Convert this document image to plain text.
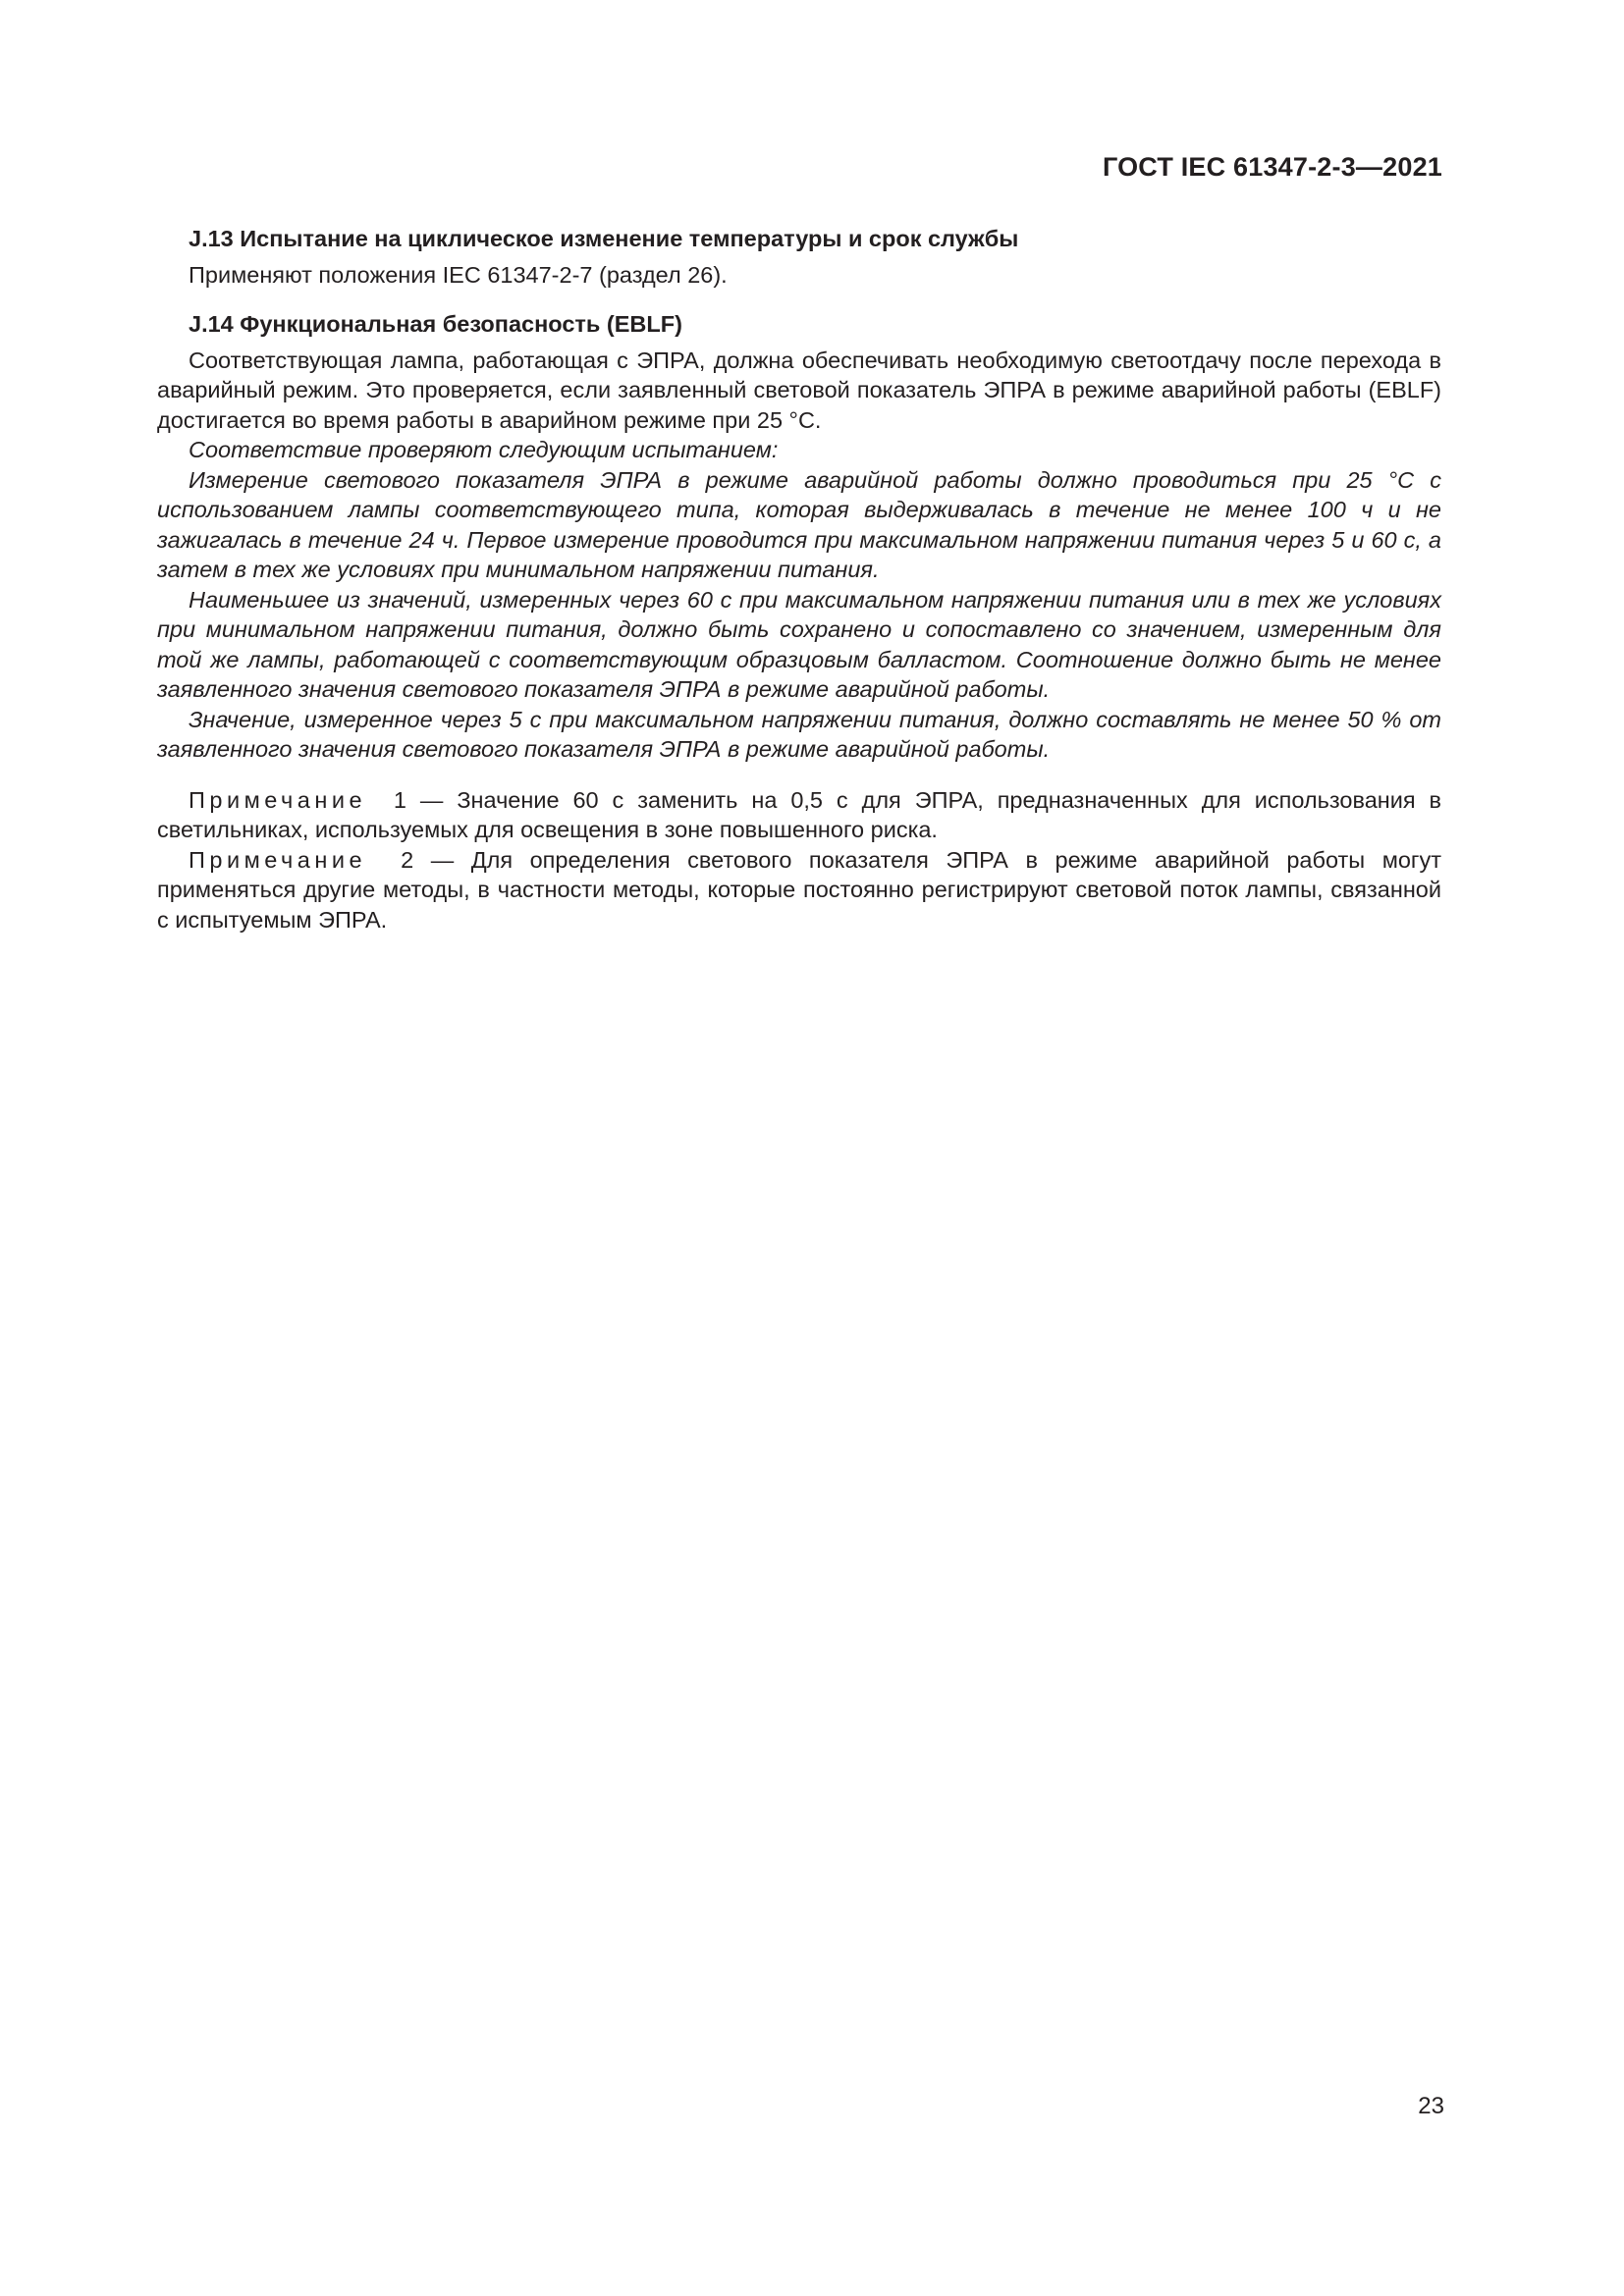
ГОСТ IEC 61347-2-3—2021

J.13 Испытание на циклическое изменение температуры и срок службы

Применяют положения IEC 61347-2-7 (раздел 26).

J.14 Функциональная безопасность (EBLF)

Соответствующая лампа, работающая с ЭПРА, должна обеспечивать необходимую светоотдачу после перехода в аварийный режим. Это проверяется, если заявленный световой показатель ЭПРА в режиме аварийной работы (EBLF) достигается во время работы в аварийном режиме при 25 °С.

Соответствие проверяют следующим испытанием:

Измерение светового показателя ЭПРА в режиме аварийной работы должно проводиться при 25 °С с использованием лампы соответствующего типа, которая выдерживалась в течение не менее 100 ч и не зажигалась в течение 24 ч. Первое измерение проводится при максимальном напряжении питания через 5 и 60 с, а затем в тех же условиях при минимальном напряжении питания.

Наименьшее из значений, измеренных через 60 с при максимальном напряжении питания или в тех же условиях при минимальном напряжении питания, должно быть сохранено и сопоставлено со значением, измеренным для той же лампы, работающей с соответствующим образцовым балластом. Соотношение должно быть не менее заявленного значения светового показателя ЭПРА в режиме аварийной работы.

Значение, измеренное через 5 с при максимальном напряжении питания, должно составлять не менее 50 % от заявленного значения светового показателя ЭПРА в режиме аварийной работы.

Примечание 1 — Значение 60 с заменить на 0,5 с для ЭПРА, предназначенных для использования в светильниках, используемых для освещения в зоне повышенного риска.

Примечание 2 — Для определения светового показателя ЭПРА в режиме аварийной работы могут применяться другие методы, в частности методы, которые постоянно регистрируют световой поток лампы, связанной с испытуемым ЭПРА.

23
